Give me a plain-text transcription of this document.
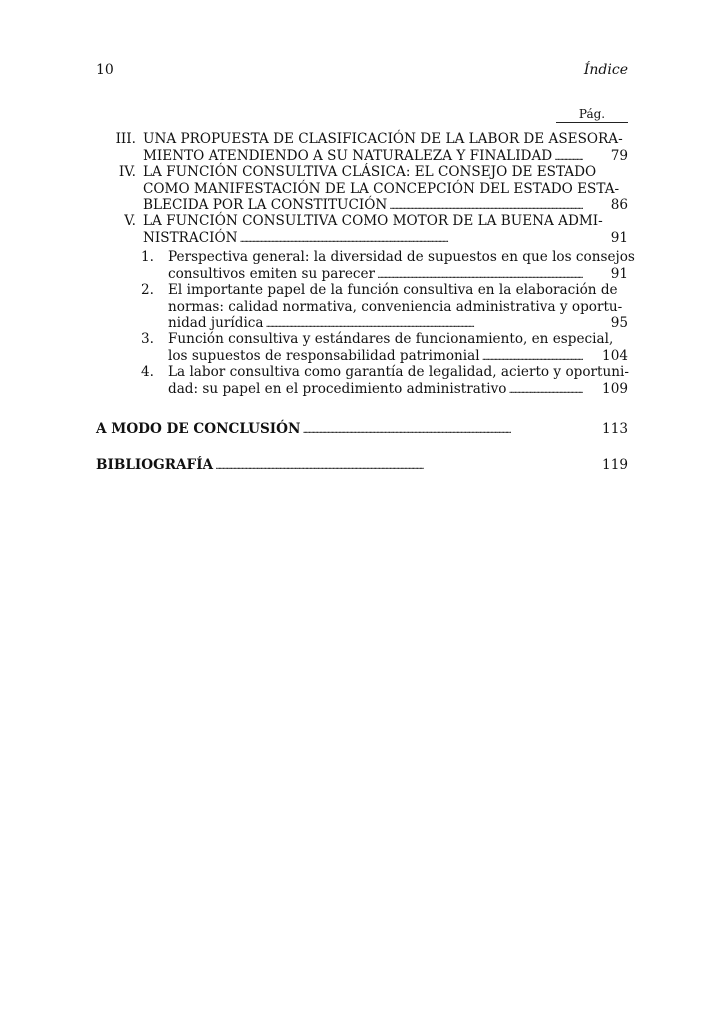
10	Índice
Pág.
III. UNA PROPUESTA DE CLASIFICACIÓN DE LA LABOR DE ASESORA-
MIENTO ATENDIENDO A SU NATURALEZA Y FINALIDAD . . .	79
IV. LA FUNCIÓN CONSULTIVA CLÁSICA: EL CONSEJO DE ESTADO
COMO MANIFESTACIÓN DE LA CONCEPCIÓN DEL ESTADO ESTA-
BLECIDA POR LA CONSTITUCIÓN . . .	86
V. LA FUNCIÓN CONSULTIVA COMO MOTOR DE LA BUENA ADMI-
NISTRACIÓN . . .	91
1. Perspectiva general: la diversidad de supuestos en que los consejos
consultivos emiten su parecer . . .	91
2. El importante papel de la función consultiva en la elaboración de
normas: calidad normativa, conveniencia administrativa y oportu-
nidad jurídica . . .	95
3. Función consultiva y estándares de funcionamiento, en especial,
los supuestos de responsabilidad patrimonial . . .	104
4. La labor consultiva como garantía de legalidad, acierto y oportuni-
dad: su papel en el procedimiento administrativo . . .	109
A MODO DE CONCLUSIÓN . . .	113
BIBLIOGRAFÍA . . .	119
